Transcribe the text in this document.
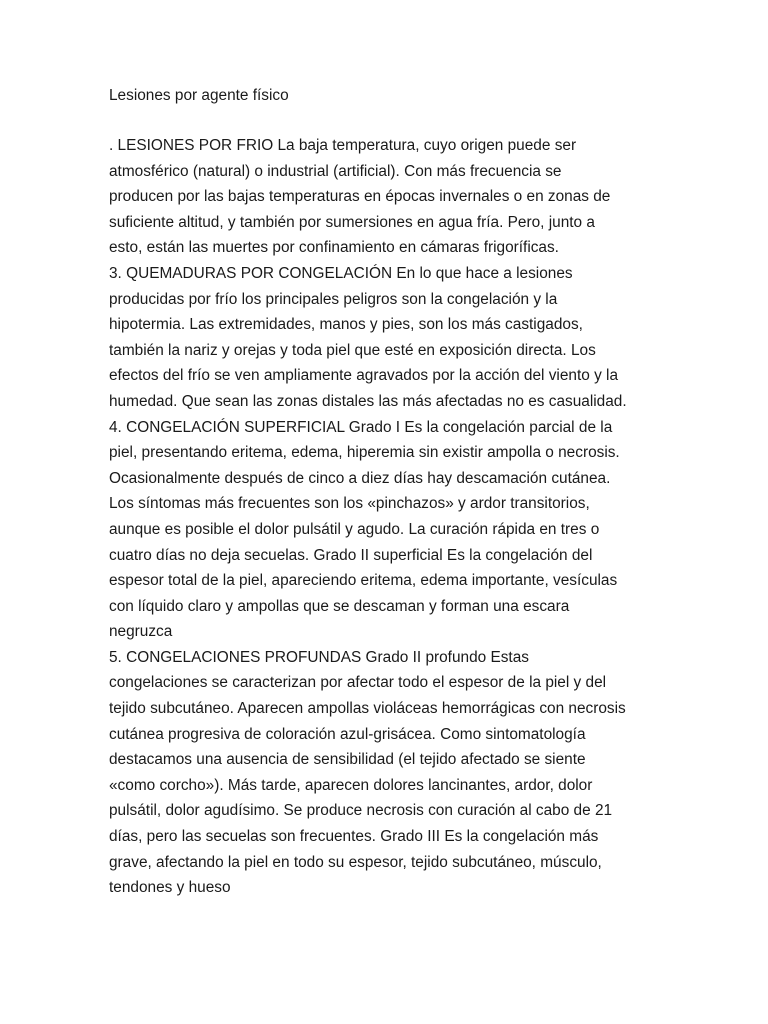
Lesiones por agente físico
. LESIONES POR FRIO La baja temperatura, cuyo origen puede ser
atmosférico (natural) o industrial (artificial). Con más frecuencia se
producen por las bajas temperaturas en épocas invernales o en zonas de
suficiente altitud, y también por sumersiones en agua fría. Pero, junto a
esto, están las muertes por confinamiento en cámaras frigoríficas.
3. QUEMADURAS POR CONGELACIÓN En lo que hace a lesiones
producidas por frío los principales peligros son la congelación y la
hipotermia. Las extremidades, manos y pies, son los más castigados,
también la nariz y orejas y toda piel que esté en exposición directa. Los
efectos del frío se ven ampliamente agravados por la acción del viento y la
humedad. Que sean las zonas distales las más afectadas no es casualidad.
4. CONGELACIÓN SUPERFICIAL Grado I Es la congelación parcial de la
piel, presentando eritema, edema, hiperemia sin existir ampolla o necrosis.
Ocasionalmente después de cinco a diez días hay descamación cutánea.
Los síntomas más frecuentes son los «pinchazos» y ardor transitorios,
aunque es posible el dolor pulsátil y agudo. La curación rápida en tres o
cuatro días no deja secuelas. Grado II superficial Es la congelación del
espesor total de la piel, apareciendo eritema, edema importante, vesículas
con líquido claro y ampollas que se descaman y forman una escara
negruzca
5. CONGELACIONES PROFUNDAS Grado II profundo Estas
congelaciones se caracterizan por afectar todo el espesor de la piel y del
tejido subcutáneo. Aparecen ampollas violáceas hemorrágicas con necrosis
cutánea progresiva de coloración azul-grisácea. Como sintomatología
destacamos una ausencia de sensibilidad (el tejido afectado se siente
«como corcho»). Más tarde, aparecen dolores lancinantes, ardor, dolor
pulsátil, dolor agudísimo. Se produce necrosis con curación al cabo de 21
días, pero las secuelas son frecuentes. Grado III Es la congelación más
grave, afectando la piel en todo su espesor, tejido subcutáneo, músculo,
tendones y hueso
